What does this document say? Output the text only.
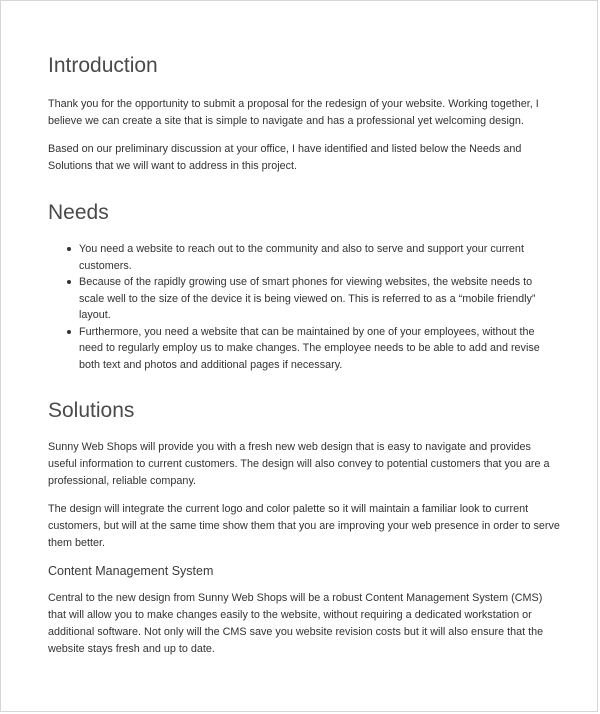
Introduction

Thank you for the opportunity to submit a proposal for the redesign of your website. Working together, I believe we can create a site that is simple to navigate and has a professional yet welcoming design.

Based on our preliminary discussion at your office, I have identified and listed below the Needs and Solutions that we will want to address in this project.

Needs
You need a website to reach out to the community and also to serve and support your current customers.
Because of the rapidly growing use of smart phones for viewing websites, the website needs to scale well to the size of the device it is being viewed on. This is referred to as a “mobile friendly” layout.
Furthermore, you need a website that can be maintained by one of your employees, without the need to regularly employ us to make changes. The employee needs to be able to add and revise both text and photos and additional pages if necessary.
Solutions

Sunny Web Shops will provide you with a fresh new web design that is easy to navigate and provides useful information to current customers. The design will also convey to potential customers that you are a professional, reliable company.

The design will integrate the current logo and color palette so it will maintain a familiar look to current customers, but will at the same time show them that you are improving your web presence in order to serve them better.

Content Management System

Central to the new design from Sunny Web Shops will be a robust Content Management System (CMS) that will allow you to make changes easily to the website, without requiring a dedicated workstation or additional software. Not only will the CMS save you website revision costs but it will also ensure that the website stays fresh and up to date.
